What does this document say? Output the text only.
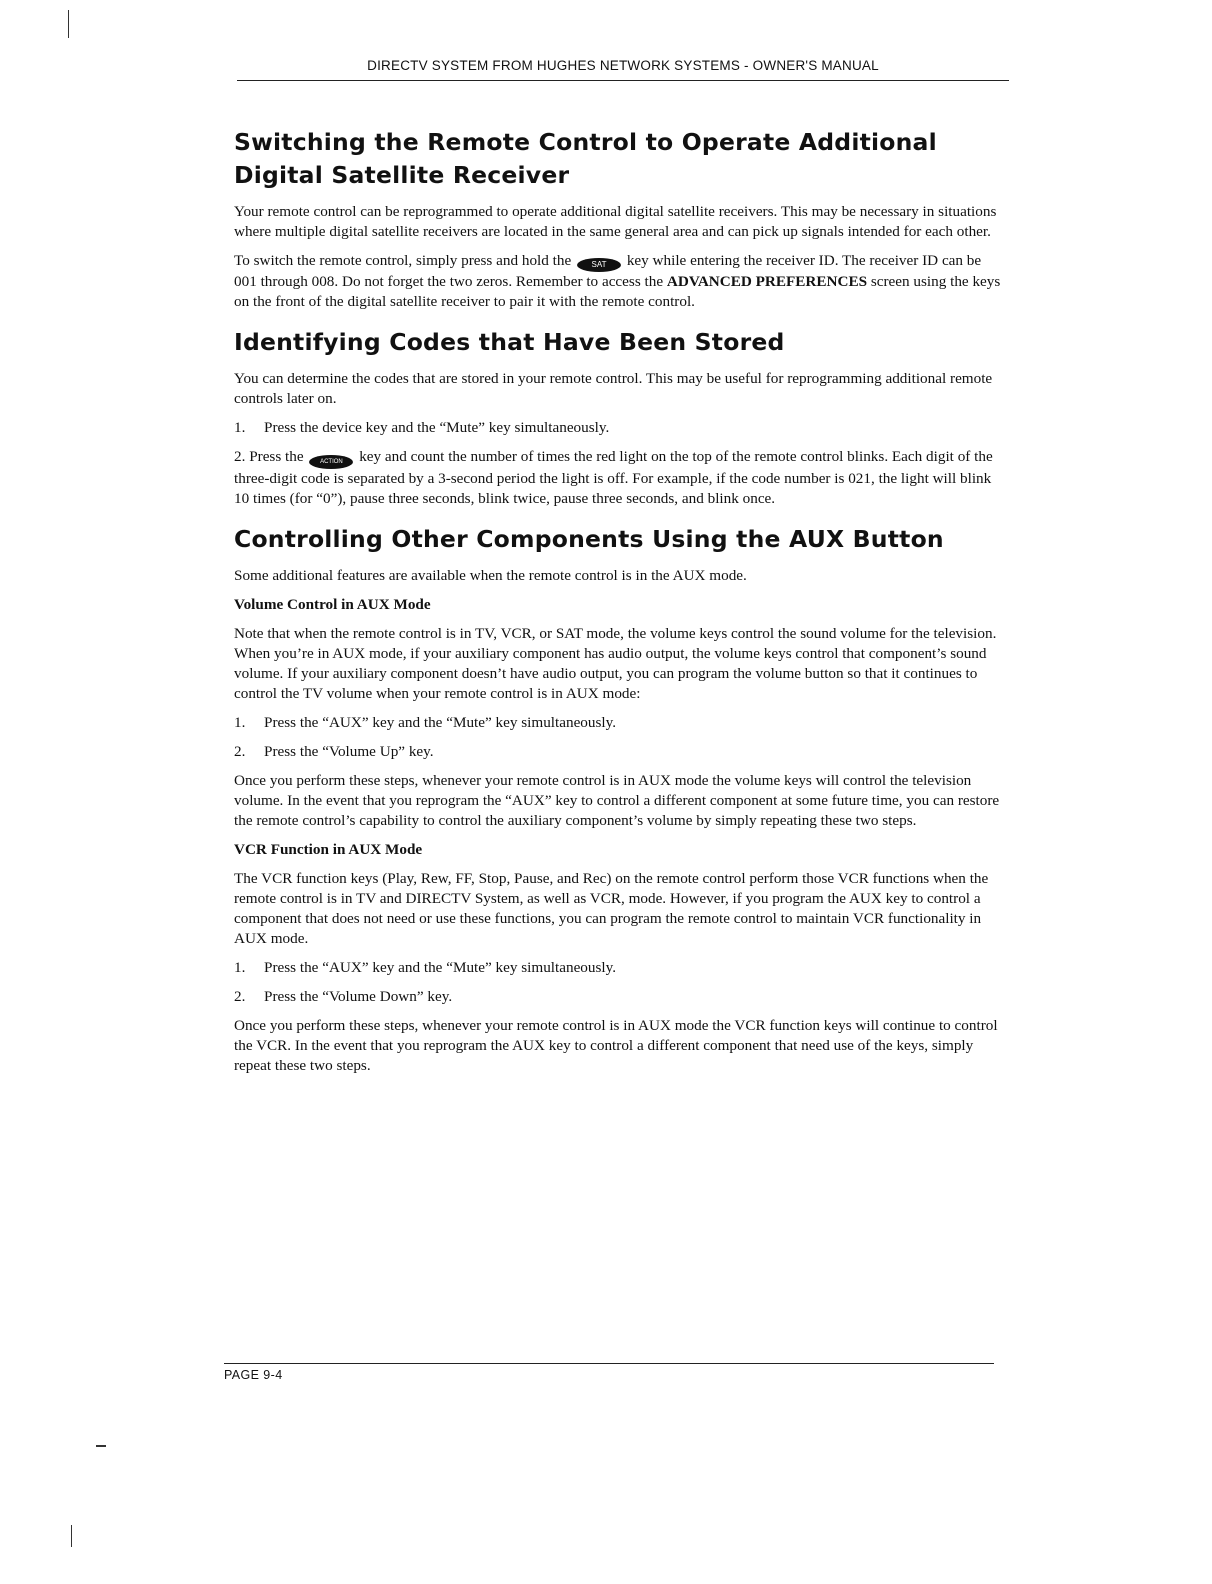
DIRECTV SYSTEM FROM HUGHES NETWORK SYSTEMS - OWNER'S MANUAL
Switching the Remote Control to Operate Additional
Digital Satellite Receiver

Your remote control can be reprogrammed to operate additional digital satellite receivers. This may be necessary in situations where multiple digital satellite receivers are located in the same general area and can pick up signals intended for each other.

To switch the remote control, simply press and hold the	SAT key while entering the receiver ID. The receiver ID can be 001 through 008. Do not forget the two zeros. Remember to access the ADVANCED PREFERENCES screen using the keys on the front of the digital satellite receiver to pair it with the remote control.

Identifying Codes that Have Been Stored

You can determine the codes that are stored in your remote control. This may be useful for reprogramming additional remote controls later on.

1.	Press the device key and the “Mute” key simultaneously.

2. Press the	ACTION key and count the number of times the red light on the top of the remote control blinks. Each digit of the three-digit code is separated by a 3-second period the light is off. For example, if the code number is 021, the light will blink 10 times (for “0”), pause three seconds, blink twice, pause three seconds, and blink once.

Controlling Other Components Using the AUX Button

Some additional features are available when the remote control is in the AUX mode.

Volume Control in AUX Mode

Note that when the remote control is in TV, VCR, or SAT mode, the volume keys control the sound volume for the television. When you’re in AUX mode, if your auxiliary component has audio output, the volume keys control that component’s sound volume. If your auxiliary component doesn’t have audio output, you can program the volume button so that it continues to control the TV volume when your remote control is in AUX mode:

1.	Press the “AUX” key and the “Mute” key simultaneously.
2.	Press the “Volume Up” key.

Once you perform these steps, whenever your remote control is in AUX mode the volume keys will control the television volume. In the event that you reprogram the “AUX” key to control a different component at some future time, you can restore the remote control’s capability to control the auxiliary component’s volume by simply repeating these two steps.

VCR Function in AUX Mode

The VCR function keys (Play, Rew, FF, Stop, Pause, and Rec) on the remote control perform those VCR functions when the remote control is in TV and DIRECTV System, as well as VCR, mode. However, if you program the AUX key to control a component that does not need or use these functions, you can program the remote control to maintain VCR functionality in AUX mode.

1.	Press the “AUX” key and the “Mute” key simultaneously.
2.	Press the “Volume Down” key.

Once you perform these steps, whenever your remote control is in AUX mode the VCR function keys will continue to control the VCR. In the event that you reprogram the AUX key to control a different component that need use of the keys, simply repeat these two steps.

PAGE 9-4
